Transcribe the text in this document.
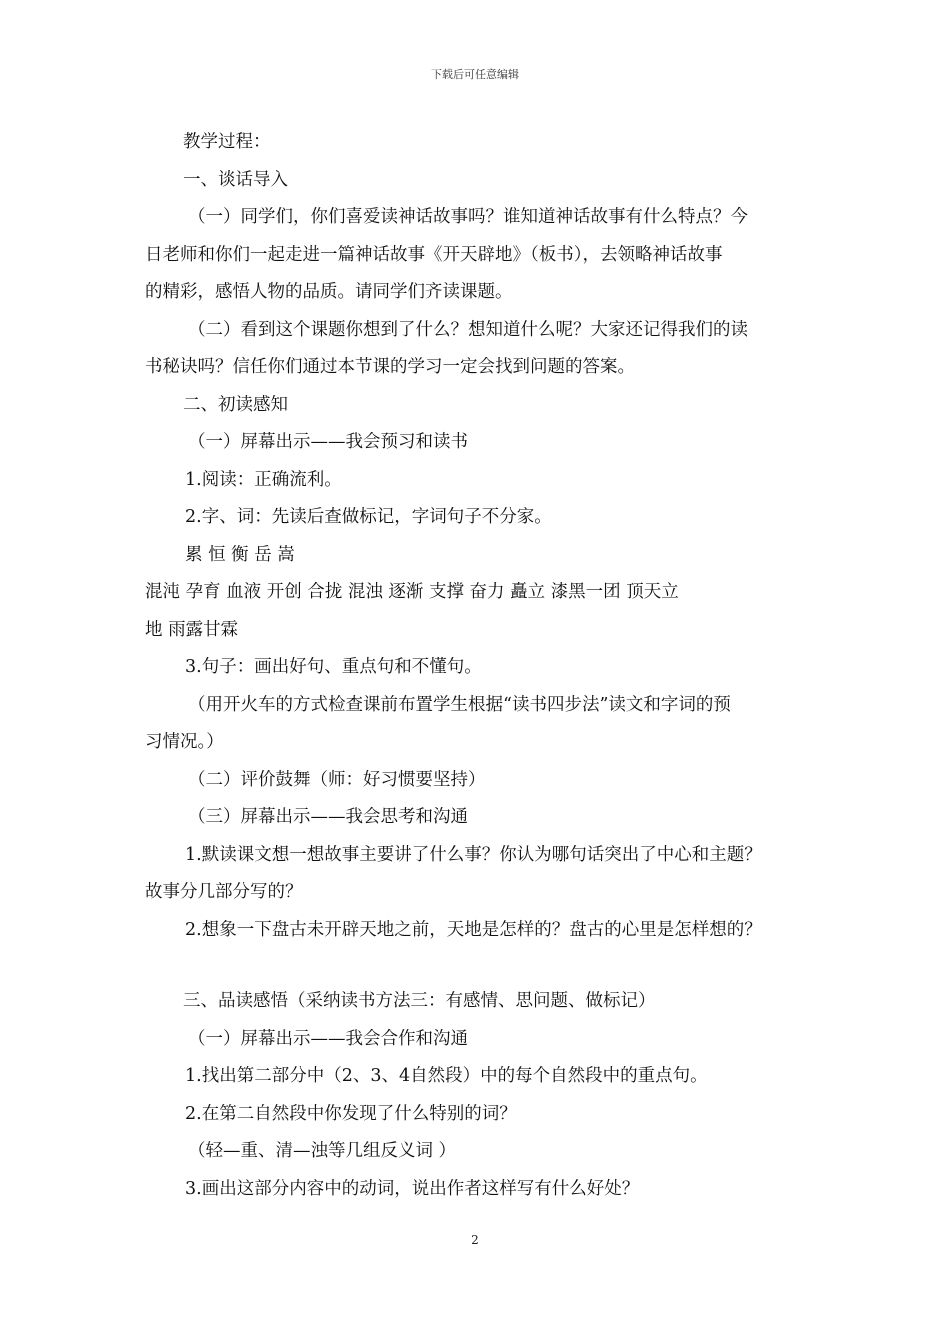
下载后可任意编辑

教学过程：

一、谈话导入

（一）同学们，你们喜爱读神话故事吗？谁知道神话故事有什么特点？今

日老师和你们一起走进一篇神话故事《开天辟地》（板书），去领略神话故事

的精彩，感悟人物的品质。请同学们齐读课题。

（二）看到这个课题你想到了什么？想知道什么呢？大家还记得我们的读

书秘诀吗？信任你们通过本节课的学习一定会找到问题的答案。

二、初读感知

（一）屏幕出示——我会预习和读书

1.阅读：正确流利。

2.字、词：先读后查做标记，字词句子不分家。

累 恒 衡 岳 嵩

混沌 孕育 血液 开创 合拢 混浊 逐渐 支撑 奋力 矗立 漆黑一团 顶天立

地 雨露甘霖

3.句子：画出好句、重点句和不懂句。

（用开火车的方式检查课前布置学生根据“读书四步法”读文和字词的预

习情况。）

（二）评价鼓舞（师：好习惯要坚持）

（三）屏幕出示——我会思考和沟通

1.默读课文想一想故事主要讲了什么事？你认为哪句话突出了中心和主题？

故事分几部分写的？

2.想象一下盘古未开辟天地之前，天地是怎样的？盘古的心里是怎样想的？

三、品读感悟（采纳读书方法三：有感情、思问题、做标记）

（一）屏幕出示——我会合作和沟通

1.找出第二部分中（2、3、4自然段）中的每个自然段中的重点句。

2.在第二自然段中你发现了什么特别的词？

（轻—重、清—浊等几组反义词 ）

3.画出这部分内容中的动词，说出作者这样写有什么好处？

2
